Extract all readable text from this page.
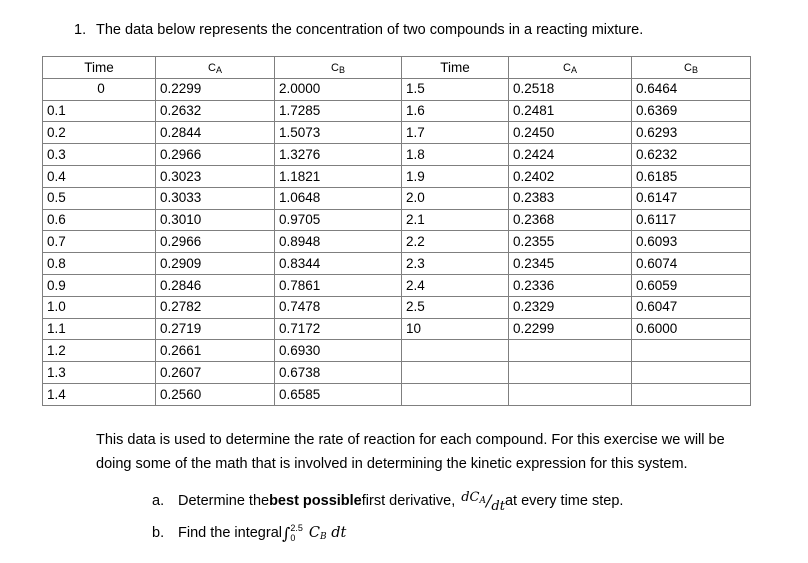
1. The data below represents the concentration of two compounds in a reacting mixture.
Time	$C_A$	$C_B$	Time	$C_A$	$C_B$
0	0.2299	2.0000	1.5	0.2518	0.6464
0.1	0.2632	1.7285	1.6	0.2481	0.6369
0.2	0.2844	1.5073	1.7	0.2450	0.6293
0.3	0.2966	1.3276	1.8	0.2424	0.6232
0.4	0.3023	1.1821	1.9	0.2402	0.6185
0.5	0.3033	1.0648	2.0	0.2383	0.6147
0.6	0.3010	0.9705	2.1	0.2368	0.6117
0.7	0.2966	0.8948	2.2	0.2355	0.6093
0.8	0.2909	0.8344	2.3	0.2345	0.6074
0.9	0.2846	0.7861	2.4	0.2336	0.6059
1.0	0.2782	0.7478	2.5	0.2329	0.6047
1.1	0.2719	0.7172	10	0.2299	0.6000
1.2	0.2661	0.6930			
1.3	0.2607	0.6738			
1.4	0.2560	0.6585			
This data is used to determine the rate of reaction for each compound. For this exercise we will be doing some of the math that is involved in determining the kinetic expression for this system.
a. Determine the best possible first derivative, $dC_A/dt$ at every time step.
b. Find the integral ∫ 2.5
0 $C_B$ dt
